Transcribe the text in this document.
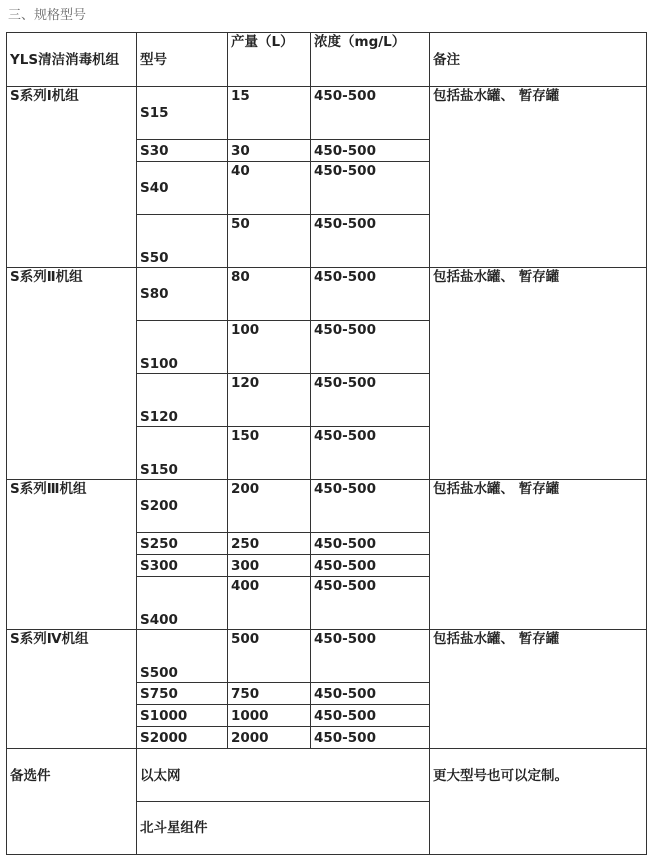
三、规格型号
YLS清洁消毒机组	型号	产量（L）	浓度（mg/L）	备注
S系列Ⅰ机组	S15	15	450-500	包括盐水罐、 暂存罐
	S30	30	450-500	
	S40	40	450-500	
	S50	50	450-500	
S系列Ⅱ机组	S80	80	450-500	包括盐水罐、 暂存罐
	S100	100	450-500	
	S120	120	450-500	
	S150	150	450-500	
S系列Ⅲ机组	S200	200	450-500	包括盐水罐、 暂存罐
	S250	250	450-500	
	S300	300	450-500	
	S400	400	450-500	
S系列Ⅳ机组	S500	500	450-500	包括盐水罐、 暂存罐
	S750	750	450-500	
	S1000	1000	450-500	
	S2000	2000	450-500	
备选件	以太网			更大型号也可以定制。
	北斗星组件			
